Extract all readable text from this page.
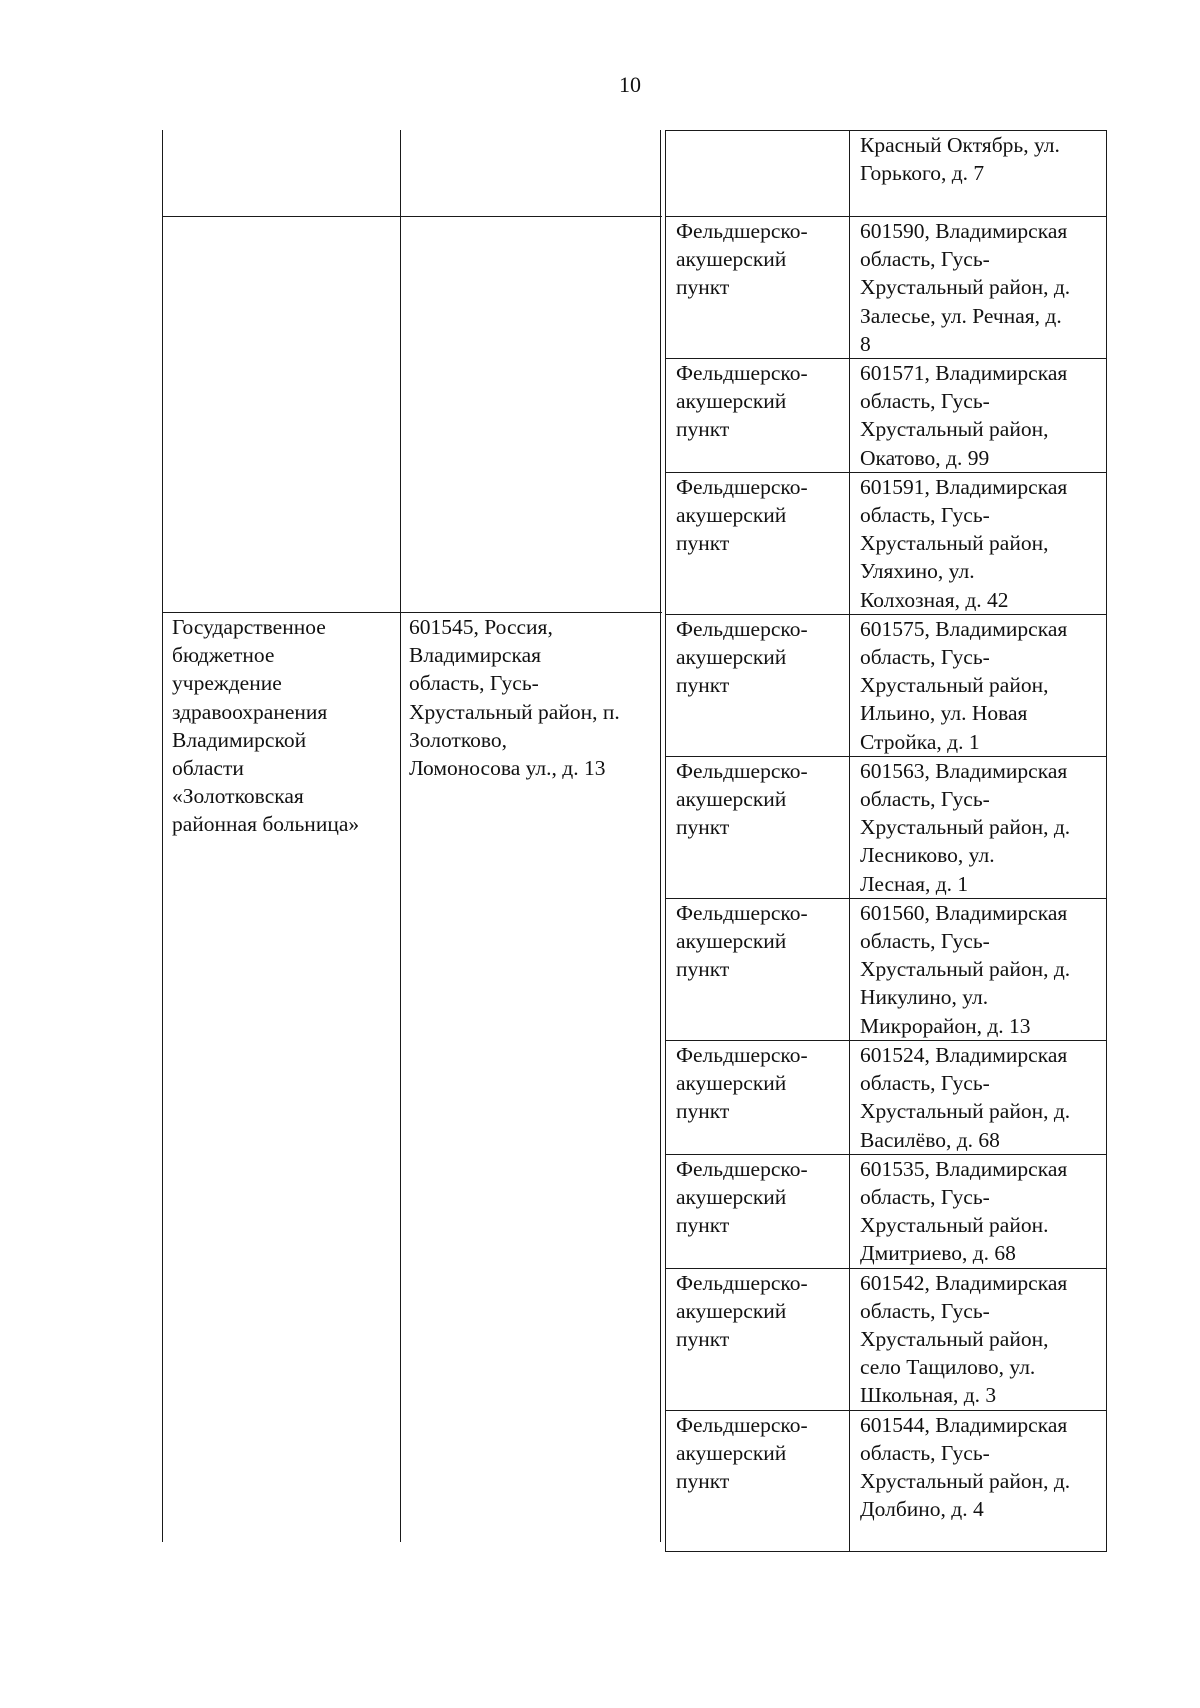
10

Государственное
бюджетное
учреждение
здравоохранения
Владимирской
области
«Золотковская
районная больница»

601545, Россия,
Владимирская
область, Гусь-
Хрустальный район, п.
Золотково,
Ломоносова ул., д. 13

	Красный Октябрь, ул.
Горького, д. 7
Фельдшерско-
акушерский
пункт	601590, Владимирская
область, Гусь-
Хрустальный район, д.
Залесье, ул. Речная, д.
8
Фельдшерско-
акушерский
пункт	601571, Владимирская
область, Гусь-
Хрустальный район,
Окатово, д. 99
Фельдшерско-
акушерский
пункт	601591, Владимирская
область, Гусь-
Хрустальный район,
Уляхино, ул.
Колхозная, д. 42
Фельдшерско-
акушерский
пункт	601575, Владимирская
область, Гусь-
Хрустальный район,
Ильино, ул. Новая
Стройка, д. 1
Фельдшерско-
акушерский
пункт	601563, Владимирская
область, Гусь-
Хрустальный район, д.
Лесниково, ул.
Лесная, д. 1
Фельдшерско-
акушерский
пункт	601560, Владимирская
область, Гусь-
Хрустальный район, д.
Никулино, ул.
Микрорайон, д. 13
Фельдшерско-
акушерский
пункт	601524, Владимирская
область, Гусь-
Хрустальный район, д.
Василёво, д. 68
Фельдшерско-
акушерский
пункт	601535, Владимирская
область, Гусь-
Хрустальный район.
Дмитриево, д. 68
Фельдшерско-
акушерский
пункт	601542, Владимирская
область, Гусь-
Хрустальный район,
село Тащилово, ул.
Школьная, д. 3
Фельдшерско-
акушерский
пункт	601544, Владимирская
область, Гусь-
Хрустальный район, д.
Долбино, д. 4
